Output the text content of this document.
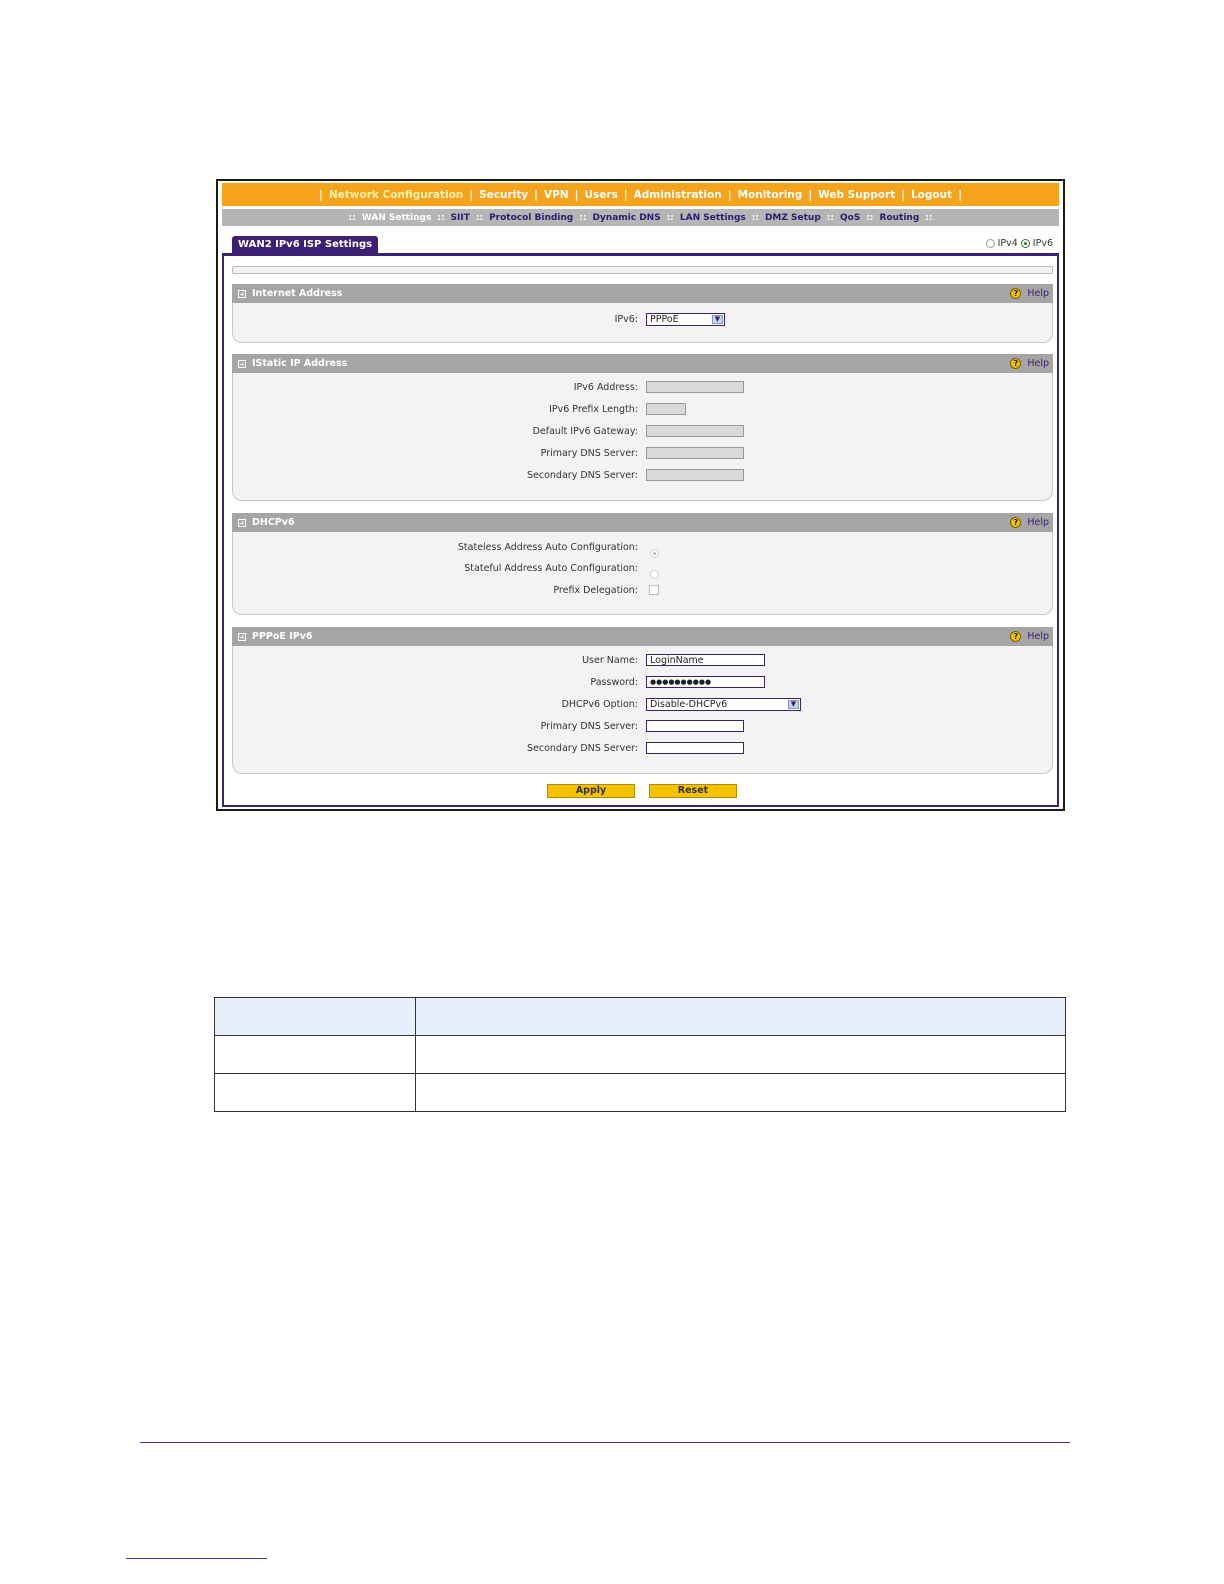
| Network Configuration | Security | VPN | Users | Administration | Monitoring | Web Support | Logout |
:: WAN Settings :: SIIT :: Protocol Binding :: Dynamic DNS :: LAN Settings :: DMZ Setup :: QoS :: Routing ::
WAN2 IPv6 ISP Settings	IPv4 IPv6
Internet Address	? Help
IPv6:	PPPoE	▼
IStatic IP Address	? Help
IPv6 Address:
IPv6 Prefix Length:
Default IPv6 Gateway:
Primary DNS Server:
Secondary DNS Server:
DHCPv6	? Help
Stateless Address Auto Configuration:
Stateful Address Auto Configuration:
Prefix Delegation:
PPPoE IPv6	? Help
User Name:	LoginName
Password:	●●●●●●●●●●
DHCPv6 Option:	Disable-DHCPv6	▼
Primary DNS Server:
Secondary DNS Server:
Apply	Reset
